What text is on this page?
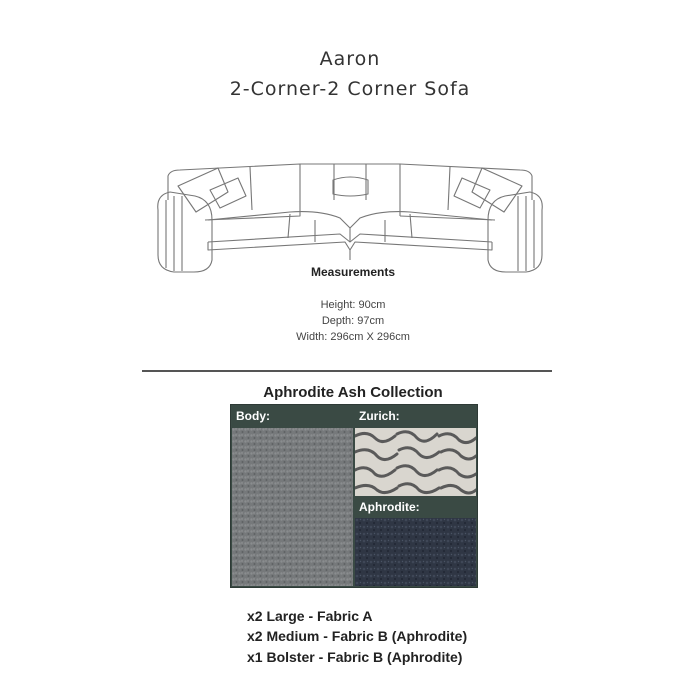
Aaron
2-Corner-2 Corner Sofa
Measurements
Height: 90cm
Depth: 97cm
Width: 296cm X 296cm
Aphrodite Ash Collection
Body:	Zurich:
Aphrodite:
x2 Large - Fabric A
x2 Medium - Fabric B (Aphrodite)
x1 Bolster - Fabric B (Aphrodite)
